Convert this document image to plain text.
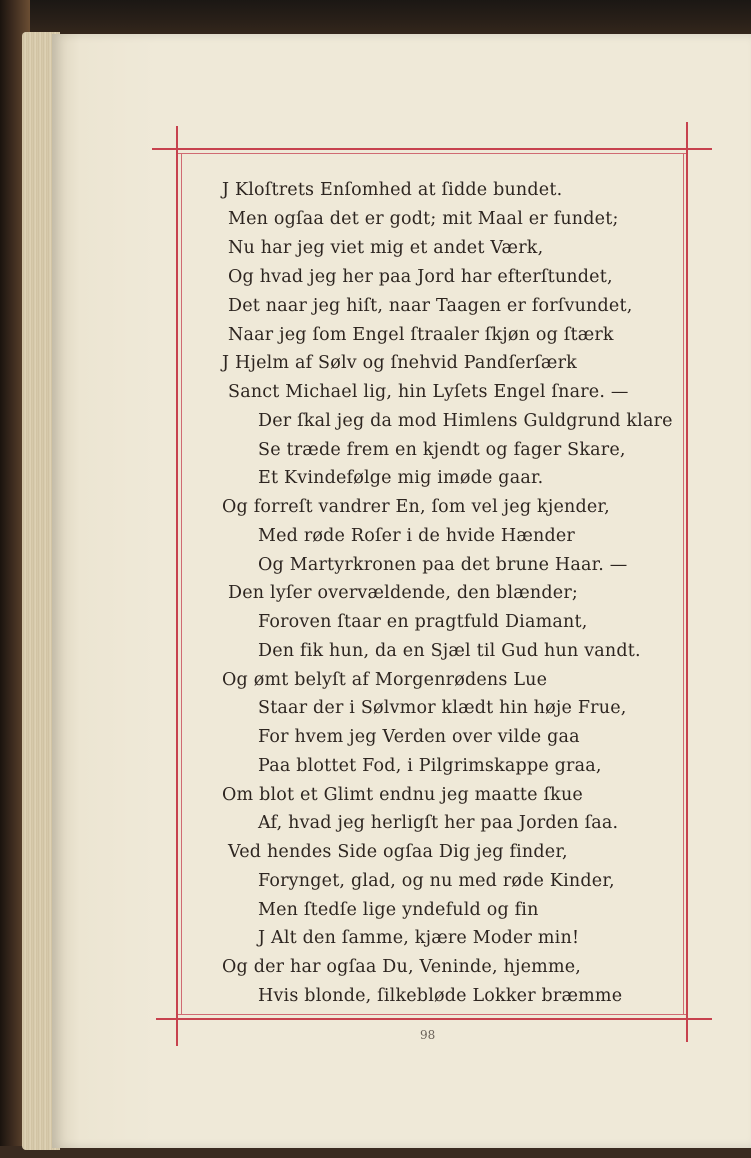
J Kloſtrets Enſomhed at ſidde bundet.
Men ogſaa det er godt; mit Maal er fundet;
Nu har jeg viet mig et andet Værk,
Og hvad jeg her paa Jord har efterſtundet,
Det naar jeg hiſt, naar Taagen er forſvundet,
Naar jeg ſom Engel ſtraaler ſkjøn og ſtærk
J Hjelm af Sølv og ſnehvid Pandſerſærk
Sanct Michael lig, hin Lyſets Engel ſnare. —
Der ſkal jeg da mod Himlens Guldgrund klare
Se træde frem en kjendt og fager Skare,
Et Kvindefølge mig imøde gaar.
Og forreſt vandrer En, ſom vel jeg kjender,
Med røde Roſer i de hvide Hænder
Og Martyrkronen paa det brune Haar. —
Den lyſer overvældende, den blænder;
Foroven ſtaar en pragtfuld Diamant,
Den fik hun, da en Sjæl til Gud hun vandt.
Og ømt belyſt af Morgenrødens Lue
Staar der i Sølvmor klædt hin høje Frue,
For hvem jeg Verden over vilde gaa
Paa blottet Fod, i Pilgrimskappe graa,
Om blot et Glimt endnu jeg maatte ſkue
Af, hvad jeg herligſt her paa Jorden ſaa.
Ved hendes Side ogſaa Dig jeg finder,
Forynget, glad, og nu med røde Kinder,
Men ſtedſe lige yndefuld og fin
J Alt den ſamme, kjære Moder min!
Og der har ogſaa Du, Veninde, hjemme,
Hvis blonde, ſilkebløde Lokker bræmme
98
